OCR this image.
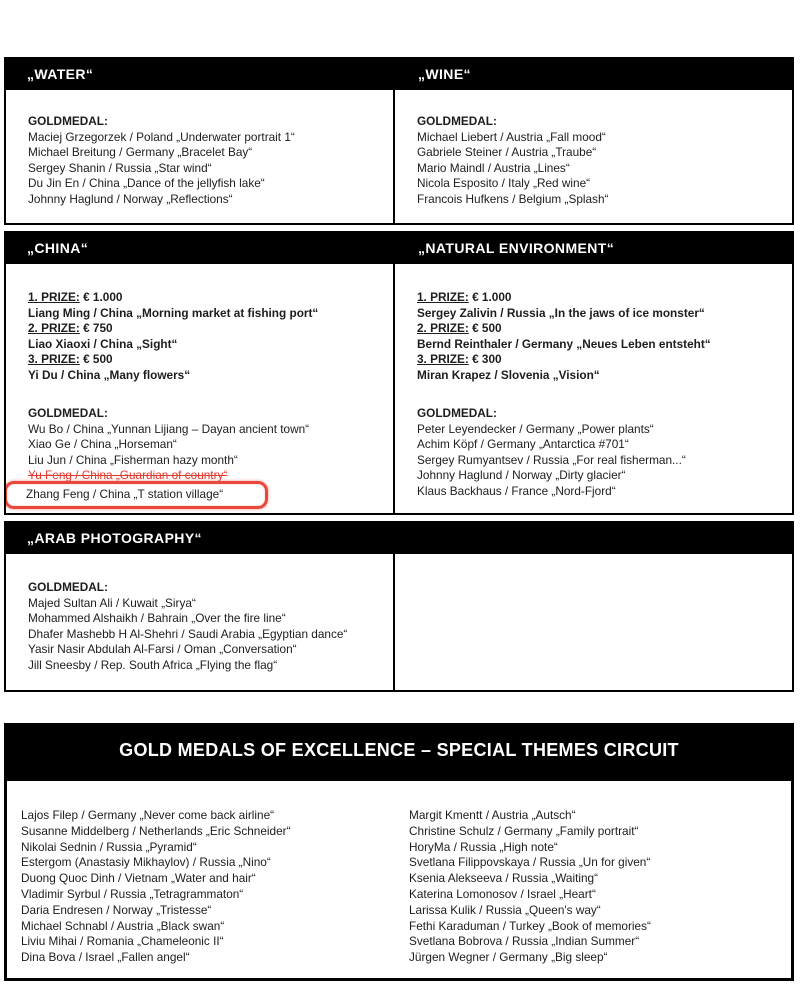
„WATER“	„WINE“
GOLDMEDAL:
Maciej Grzegorzek / Poland „Underwater portrait 1“
Michael Breitung / Germany „Bracelet Bay“
Sergey Shanin / Russia „Star wind“
Du Jin En / China „Dance of the jellyfish lake“
Johnny Haglund / Norway „Reflections“
GOLDMEDAL:
Michael Liebert / Austria „Fall mood“
Gabriele Steiner / Austria „Traube“
Mario Maindl / Austria „Lines“
Nicola Esposito / Italy „Red wine“
Francois Hufkens / Belgium „Splash“
„CHINA“	„NATURAL ENVIRONMENT“
1. PRIZE: € 1.000
Liang Ming / China „Morning market at fishing port“
2. PRIZE: € 750
Liao Xiaoxi / China „Sight“
3. PRIZE: € 500
Yi Du / China „Many flowers“
GOLDMEDAL:
Wu Bo / China „Yunnan Lijiang – Dayan ancient town“
Xiao Ge / China „Horseman“
Liu Jun / China „Fisherman hazy month“
Yu Feng / China „Guardian of country“
Zhang Feng / China „T station village“
1. PRIZE: € 1.000
Sergey Zalivin / Russia „In the jaws of ice monster“
2. PRIZE: € 500
Bernd Reinthaler / Germany „Neues Leben entsteht“
3. PRIZE: € 300
Miran Krapez / Slovenia „Vision“
GOLDMEDAL:
Peter Leyendecker / Germany „Power plants“
Achim Köpf / Germany „Antarctica #701“
Sergey Rumyantsev / Russia „For real fisherman...“
Johnny Haglund / Norway „Dirty glacier“
Klaus Backhaus / France „Nord-Fjord“
„ARAB PHOTOGRAPHY“
GOLDMEDAL:
Majed Sultan Ali / Kuwait „Sirya“
Mohammed Alshaikh / Bahrain „Over the fire line“
Dhafer Mashebb H Al-Shehri / Saudi Arabia „Egyptian dance“
Yasir Nasir Abdulah Al-Farsi / Oman „Conversation“
Jill Sneesby / Rep. South Africa „Flying the flag“
GOLD MEDALS OF EXCELLENCE – SPECIAL THEMES CIRCUIT
Lajos Filep / Germany „Never come back airline“
Susanne Middelberg / Netherlands „Eric Schneider“
Nikolai Sednin / Russia „Pyramid“
Estergom (Anastasiy Mikhaylov) / Russia „Nino“
Duong Quoc Dinh / Vietnam „Water and hair“
Vladimir Syrbul / Russia „Tetragrammaton“
Daria Endresen / Norway „Tristesse“
Michael Schnabl / Austria „Black swan“
Liviu Mihai / Romania „Chameleonic II“
Dina Bova / Israel „Fallen angel“
Margit Kmentt / Austria „Autsch“
Christine Schulz / Germany „Family portrait“
HoryMa / Russia „High note“
Svetlana Filippovskaya / Russia „Un for given“
Ksenia Alekseeva / Russia „Waiting“
Katerina Lomonosov / Israel „Heart“
Larissa Kulik / Russia „Queen's way“
Fethi Karaduman / Turkey „Book of memories“
Svetlana Bobrova / Russia „Indian Summer“
Jürgen Wegner / Germany „Big sleep“
